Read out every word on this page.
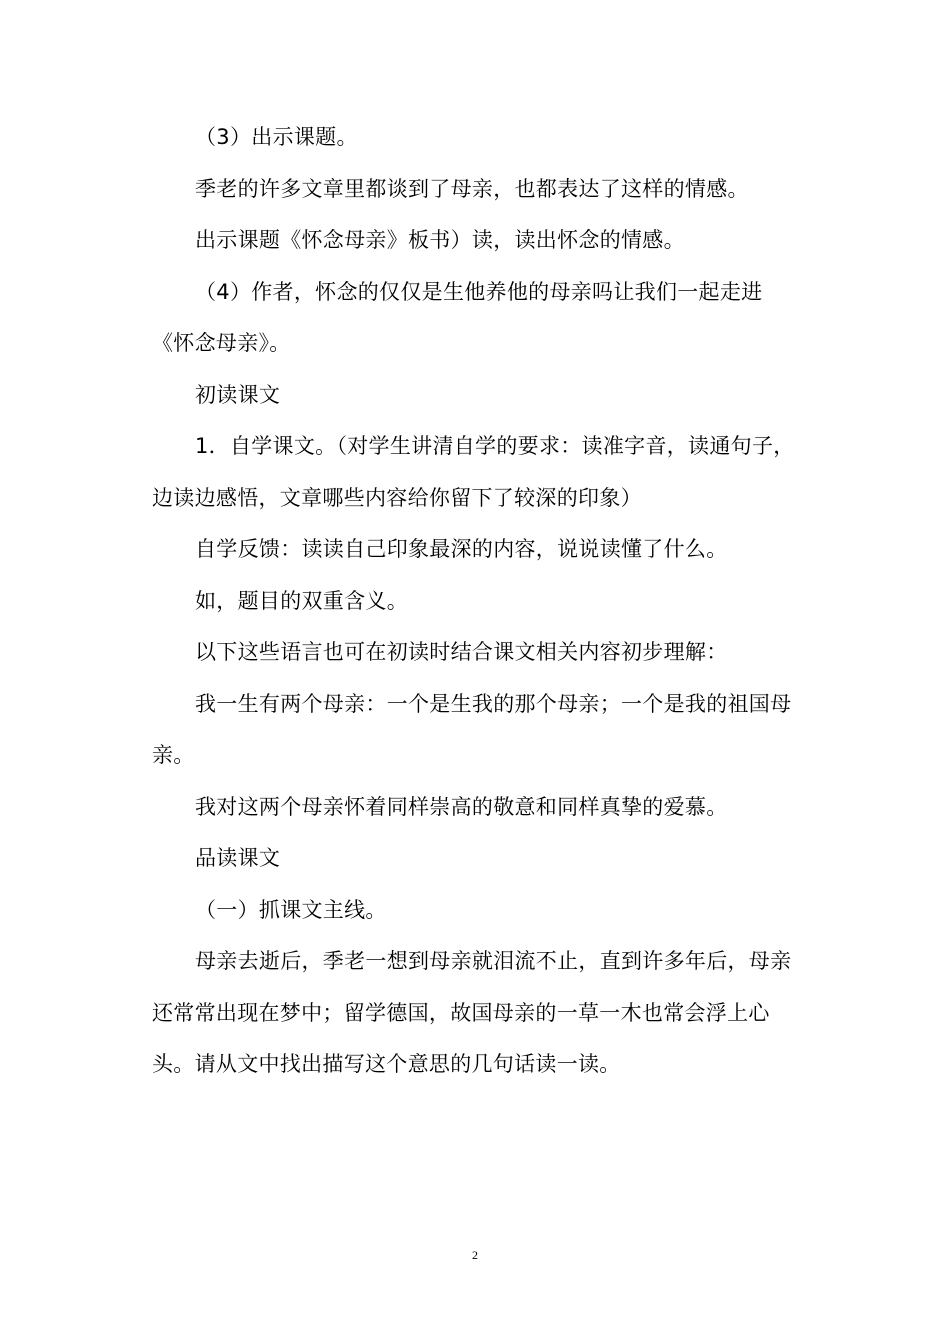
（3）出示课题。

季老的许多文章里都谈到了母亲，也都表达了这样的情感。

出示课题《怀念母亲》板书）读，读出怀念的情感。

（4）作者，怀念的仅仅是生他养他的母亲吗让我们一起走进《怀念母亲》。

初读课文

1．自学课文。（对学生讲清自学的要求：读准字音，读通句子，边读边感悟，文章哪些内容给你留下了较深的印象）

自学反馈：读读自己印象最深的内容，说说读懂了什么。

如，题目的双重含义。

以下这些语言也可在初读时结合课文相关内容初步理解：

我一生有两个母亲：一个是生我的那个母亲；一个是我的祖国母亲。

我对这两个母亲怀着同样崇高的敬意和同样真挚的爱慕。

品读课文

（一）抓课文主线。

母亲去逝后，季老一想到母亲就泪流不止，直到许多年后，母亲还常常出现在梦中；留学德国，故国母亲的一草一木也常会浮上心头。请从文中找出描写这个意思的几句话读一读。

2
